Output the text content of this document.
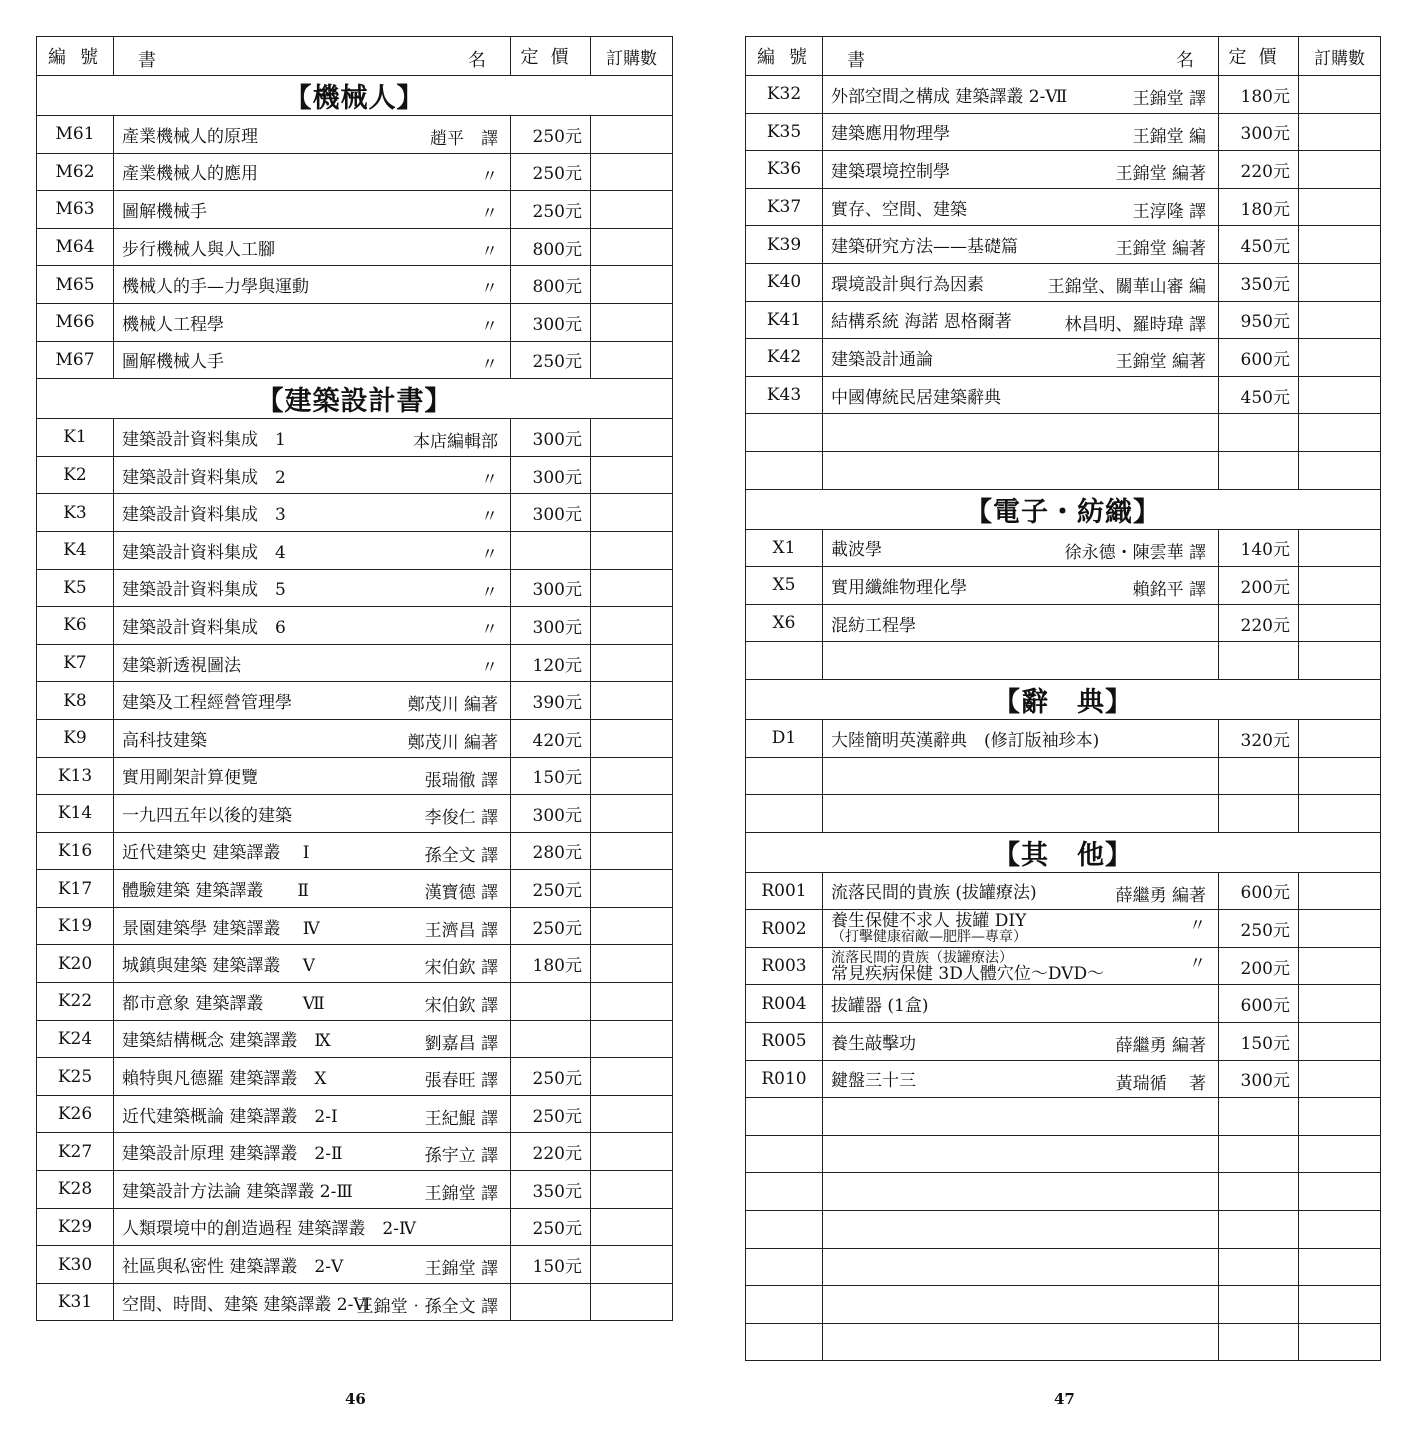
編號	書 名	定價	訂購數
【機械人】			
M61	產業機械人的原理 趙平　譯	250元	
M62	產業機械人的應用 〃	250元	
M63	圖解機械手 〃	250元	
M64	步行機械人與人工腳 〃	800元	
M65	機械人的手—力學與運動 〃	800元	
M66	機械人工程學 〃	300元	
M67	圖解機械人手 〃	250元	
【建築設計書】			
K1	建築設計資料集成　1 本店編輯部	300元	
K2	建築設計資料集成　2 〃	300元	
K3	建築設計資料集成　3 〃	300元	
K4	建築設計資料集成　4 〃		

K5	建築設計資料集成　5 〃	300元	
K6	建築設計資料集成　6 〃	300元	
K7	建築新透視圖法 〃	120元	
K8	建築及工程經營管理學 鄭茂川 編著	390元	
K9	高科技建築 鄭茂川 編著	420元	
K13	實用剛架計算便覽 張瑞徹 譯	150元	
K14	一九四五年以後的建築 李俊仁 譯	300元	
K16	近代建築史 建築譯叢　 Ⅰ 孫全文 譯	280元	
K17	體驗建築 建築譯叢　　Ⅱ 漢寶德 譯	250元	
K19	景園建築學 建築譯叢　 Ⅳ 王濟昌 譯	250元	
K20	城鎮與建築 建築譯叢　 Ⅴ 宋伯欽 譯	180元	
K22	都市意象 建築譯叢　　 Ⅶ 宋伯欽 譯		

K24	建築結構概念 建築譯叢　Ⅸ 劉嘉昌 譯		

K25	賴特與凡德羅 建築譯叢　Ⅹ 張春旺 譯	250元	
K26	近代建築概論 建築譯叢　2-Ⅰ 王紀鯤 譯	250元	
K27	建築設計原理 建築譯叢　2-Ⅱ 孫宇立 譯	220元	
K28	建築設計方法論 建築譯叢 2-Ⅲ 王錦堂 譯	350元	
K29	人類環境中的創造過程 建築譯叢　2-Ⅳ	250元	
K30	社區與私密性 建築譯叢　2-Ⅴ 王錦堂 譯	150元	
K31	空間、時間、建築 建築譯叢 2-Ⅵ
王錦堂‧孫全文 譯		

46
編號	書 名	定價	訂購數
K32	外部空間之構成 建築譯叢 2-Ⅶ 王錦堂 譯	180元	
K35	建築應用物理學 王錦堂 編	300元	
K36	建築環境控制學 王錦堂 編著	220元	
K37	實存、空間、建築 王淳隆 譯	180元	
K39	建築研究方法——基礎篇 王錦堂 編著	450元	
K40	環境設計與行為因素 王錦堂、關華山審 編	350元	
K41	結構系統 海諾 恩格爾著 林昌明、羅時瑋 譯	950元	
K42	建築設計通論 王錦堂 編著	600元	
K43	中國傳統民居建築辭典	450元	

【電子・紡織】			
X1	載波學 徐永德・陳雲華 譯	140元	
X5	實用纖維物理化學 賴銘平 譯	200元	
X6	混紡工程學	220元	

【辭　典】			
D1	大陸簡明英漢辭典　(修訂版袖珍本)	320元	

【其　他】			
R001	流落民間的貴族 (拔罐療法) 薛繼勇 編著	600元	
R002	養生保健不求人 拔罐 DIY
（打擊健康宿敵—肥胖—專章）
〃	250元	
R003	流落民間的貴族（拔罐療法）
常見疾病保健 3D人體穴位～DVD～ 〃	200元	
R004	拔罐器 (1盒)	600元	
R005	養生敲擊功 薛繼勇 編著	150元	
R010	鍵盤三十三 黃瑞循　 著	300元	

47
